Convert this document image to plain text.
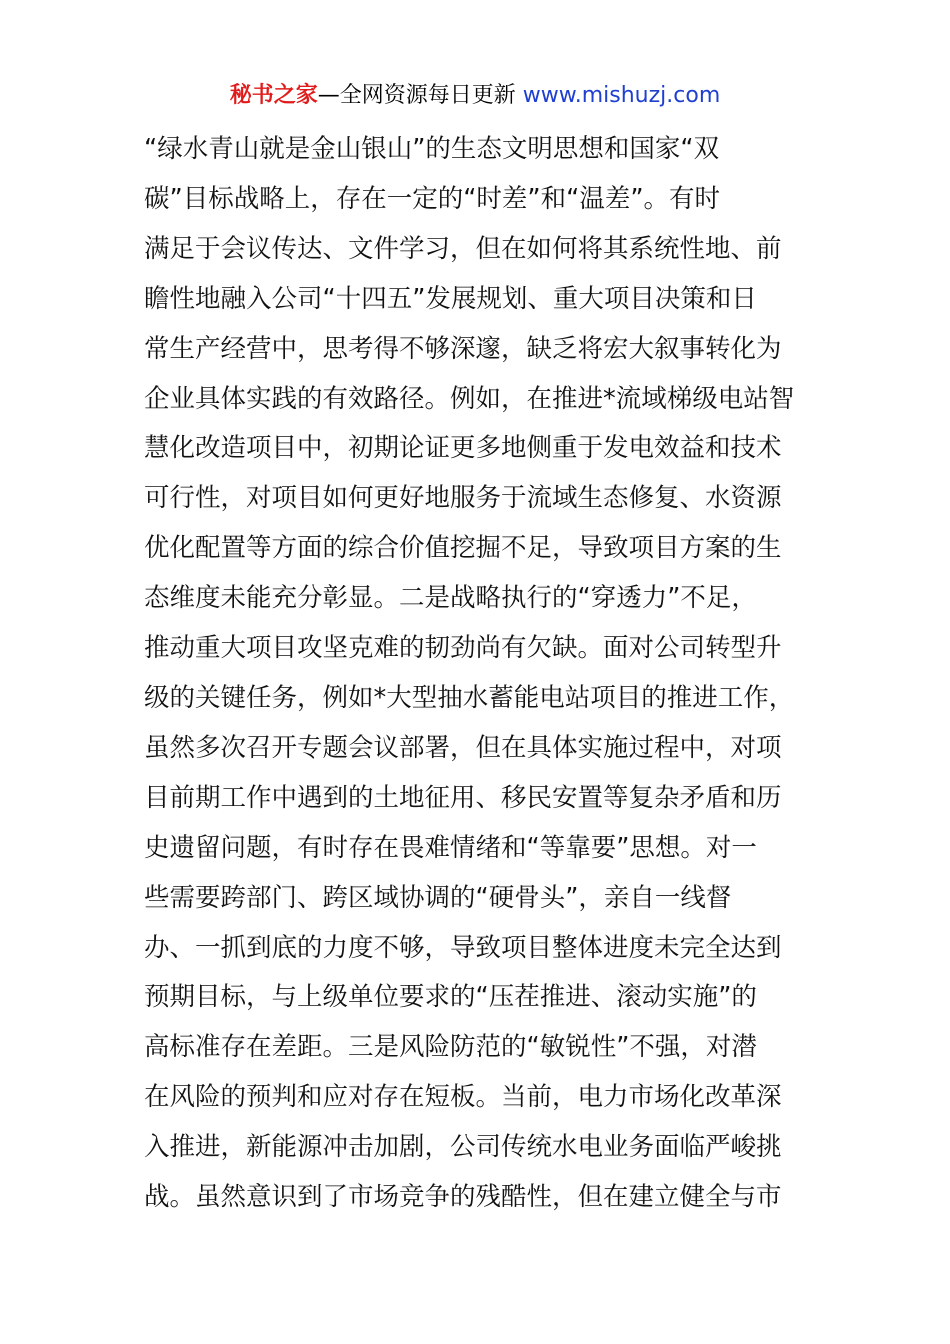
秘书之家—全网资源每日更新 www.mishuzj.com
“绿水青山就是金山银山”的生态文明思想和国家“双
碳”目标战略上，存在一定的“时差”和“温差”。有时
满足于会议传达、文件学习，但在如何将其系统性地、前
瞻性地融入公司“十四五”发展规划、重大项目决策和日
常生产经营中，思考得不够深邃，缺乏将宏大叙事转化为
企业具体实践的有效路径。例如，在推进*流域梯级电站智
慧化改造项目中，初期论证更多地侧重于发电效益和技术
可行性，对项目如何更好地服务于流域生态修复、水资源
优化配置等方面的综合价值挖掘不足，导致项目方案的生
态维度未能充分彰显。二是战略执行的“穿透力”不足，
推动重大项目攻坚克难的韧劲尚有欠缺。面对公司转型升
级的关键任务，例如*大型抽水蓄能电站项目的推进工作，
虽然多次召开专题会议部署，但在具体实施过程中，对项
目前期工作中遇到的土地征用、移民安置等复杂矛盾和历
史遗留问题，有时存在畏难情绪和“等靠要”思想。对一
些需要跨部门、跨区域协调的“硬骨头”，亲自一线督
办、一抓到底的力度不够，导致项目整体进度未完全达到
预期目标，与上级单位要求的“压茬推进、滚动实施”的
高标准存在差距。三是风险防范的“敏锐性”不强，对潜
在风险的预判和应对存在短板。当前，电力市场化改革深
入推进，新能源冲击加剧，公司传统水电业务面临严峻挑
战。虽然意识到了市场竞争的残酷性，但在建立健全与市
